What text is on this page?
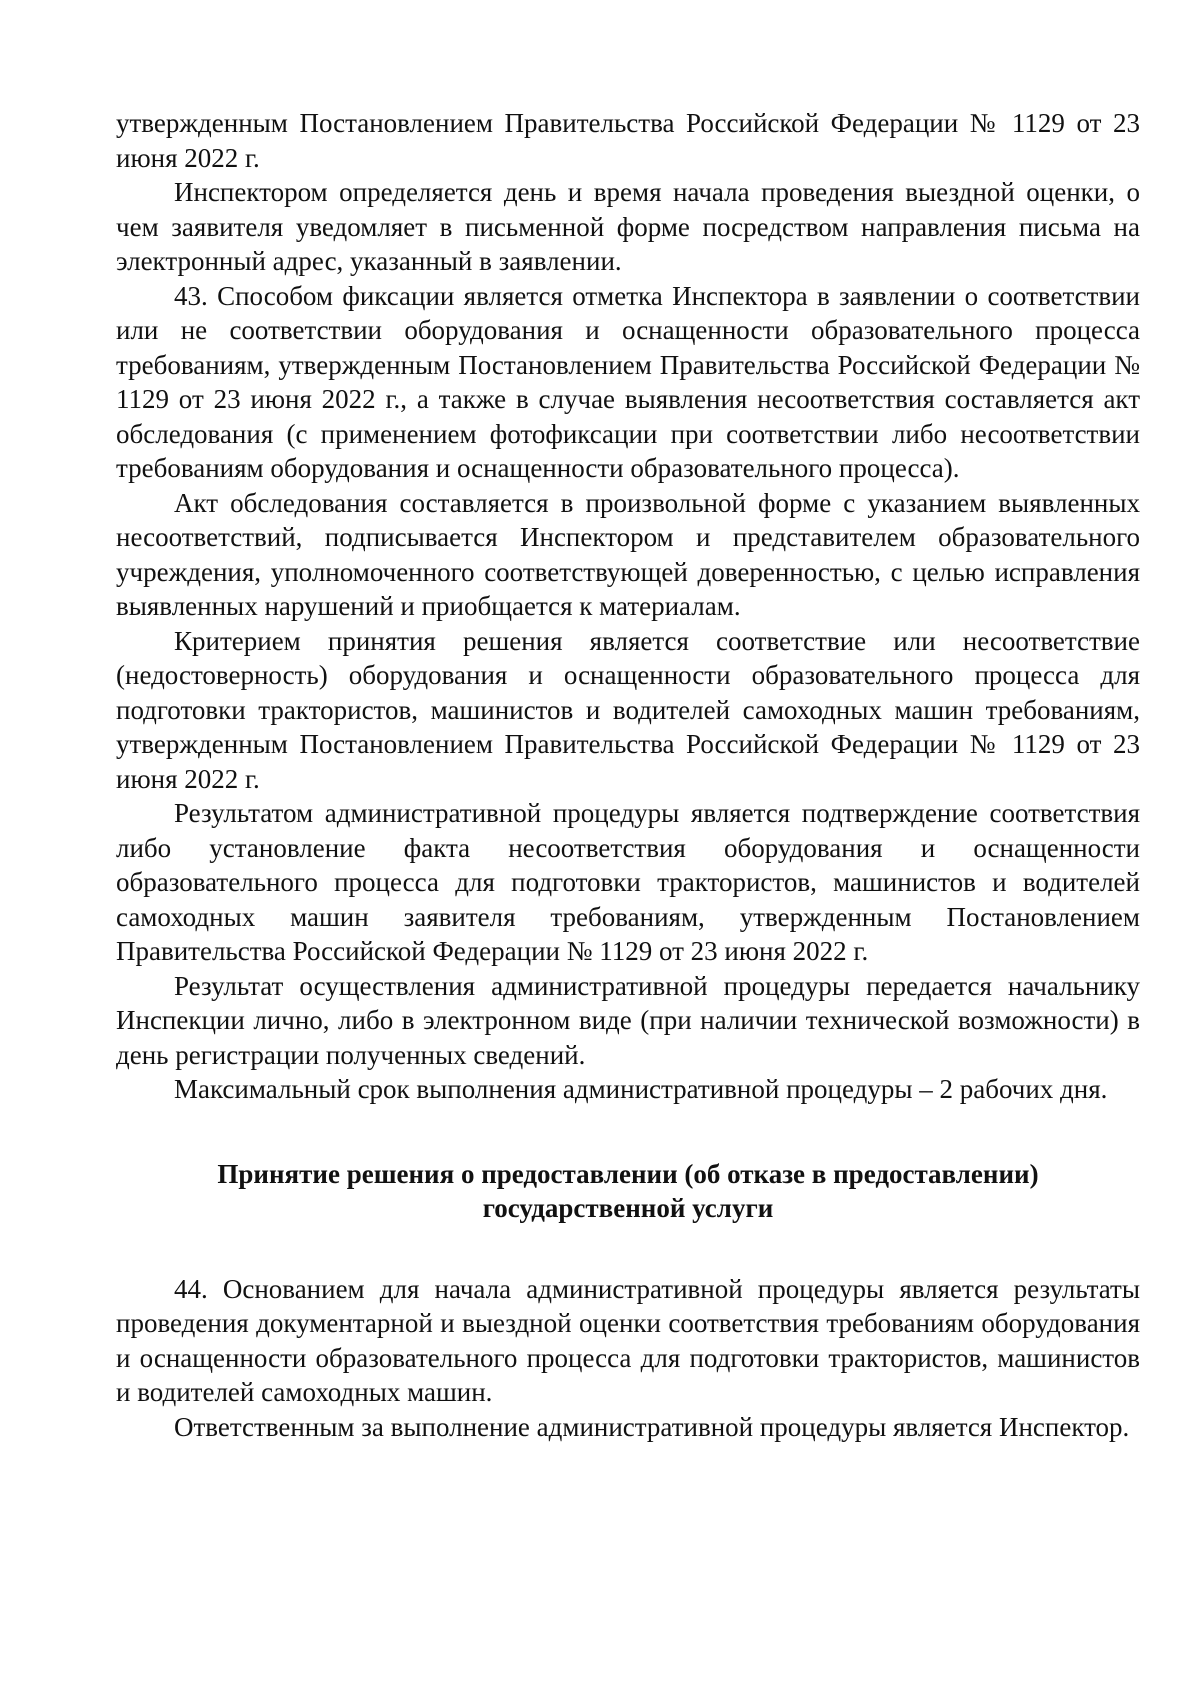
утвержденным Постановлением Правительства Российской Федерации № 1129 от 23 июня 2022 г.

Инспектором определяется день и время начала проведения выездной оценки, о чем заявителя уведомляет в письменной форме посредством направления письма на электронный адрес, указанный в заявлении.

43. Способом фиксации является отметка Инспектора в заявлении о соответствии или не соответствии оборудования и оснащенности образовательного процесса требованиям, утвержденным Постановлением Правительства Российской Федерации № 1129 от 23 июня 2022 г., а также в случае выявления несоответствия составляется акт обследования (с применением фотофиксации при соответствии либо несоответствии требованиям оборудования и оснащенности образовательного процесса).

Акт обследования составляется в произвольной форме с указанием выявленных несоответствий, подписывается Инспектором и представителем образовательного учреждения, уполномоченного соответствующей доверенностью, с целью исправления выявленных нарушений и приобщается к материалам.

Критерием принятия решения является соответствие или несоответствие (недостоверность) оборудования и оснащенности образовательного процесса для подготовки трактористов, машинистов и водителей самоходных машин требованиям, утвержденным Постановлением Правительства Российской Федерации № 1129 от 23 июня 2022 г.

Результатом административной процедуры является подтверждение соответствия либо установление факта несоответствия оборудования и оснащенности образовательного процесса для подготовки трактористов, машинистов и водителей самоходных машин заявителя требованиям, утвержденным Постановлением Правительства Российской Федерации № 1129 от 23 июня 2022 г.

Результат осуществления административной процедуры передается начальнику Инспекции лично, либо в электронном виде (при наличии технической возможности) в день регистрации полученных сведений.

Максимальный срок выполнения административной процедуры – 2 рабочих дня.

Принятие решения о предоставлении (об отказе в предоставлении)
государственной услуги

44. Основанием для начала административной процедуры является результаты проведения документарной и выездной оценки соответствия требованиям оборудования и оснащенности образовательного процесса для подготовки трактористов, машинистов и водителей самоходных машин.

Ответственным за выполнение административной процедуры является Инспектор.
